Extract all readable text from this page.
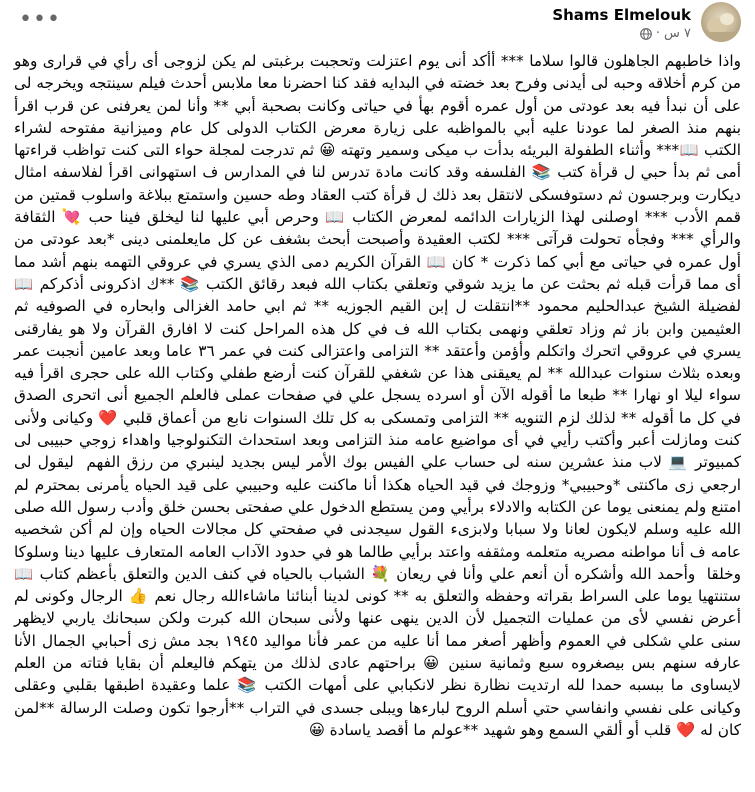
•••	Shams Elmelouk
٧ س
·
واذا خاطبهم الجاهلون قالوا سلاما *** أأكد أنى يوم اعتزلت وتحجبت برغبتى لم يكن لزوجى أى رأي في قرارى وهو من كرم أخلاقه وحبه لى أيدنى وفرح بعد خضته في البدايه فقد كنا احضرنا معا ملابس أحدث فيلم سينتجه ويخرجه لى على أن نبدأ فيه بعد عودتى من أول عمره أقوم بهأ في حياتى وكانت بصحبة أبي ** وأنا لمن يعرفنى عن قرب اقرأ بنهم منذ الصغر لما عودنا عليه أبي بالمواظبه على زيارة معرض الكتاب الدولى كل عام وميزانية مفتوحه لشراء الكتب 📖*** وأثناء الطفولة البريئه بدأت ب ميكى وسمير وتهته 😀 ثم تدرجت لمجلة حواء التى كنت تواظب قراءتها أمى ثم بدأ حبي ل قرأة كتب 📚 الفلسفه وقد كانت مادة تدرس لنا في المدارس ف استهوانى اقرأ لفلاسفه امثال ديكارت وبرجسون ثم دستوفسكى لانتقل بعد ذلك ل قرأة كتب العقاد وطه حسين واستمتع ببلاغة واسلوب قمتين من قمم الأدب *** اوصلنى لهذا الزيارات الدائمه لمعرض الكتاب 📖 وحرص أبي عليها لنا ليخلق فينا حب 💘 الثقافة والرأي *** وفجأه تحولت قرآتى *** لكتب العقيدة وأصبحت أبحث بشغف عن كل مايعلمنى دينى *بعد عودتى من أول عمره في حياتى مع أبي كما ذكرت * كان 📖 القرآن الكريم دمى الذي يسري في عروقي التهمه بنهم أشد مما أى مما قرأت قبله ثم بحثت عن ما يزيد شوقي وتعلقي بكتاب الله فبعد رقائق الكتب 📚 **ك اذكرونى أذكركم 📖لفضيلة الشيخ عبدالحليم محمود **انتقلت ل إبن القيم الجوزيه ** ثم ابي حامد الغزالى وابحاره في الصوفيه ثم العثيمين وابن باز ثم وزاد تعلقي ونهمى بكتاب الله ف في كل هذه المراحل كنت لا افارق القرآن ولا هو يفارقنى يسري في عروقي اتحرك واتكلم وأؤمن وأعتقد ** التزامى واعتزالى كنت في عمر ٣٦ عاما وبعد عامين أنجبت عمر وبعده بثلاث سنوات عبدالله ** لم يعيقنى هذا عن شغفي للقرآن كنت أرضع طفلي وكتاب الله على حجرى اقرأ فيه سواء ليلا او نهارا ** طبعا ما أقوله الآن أو اسرده يسجل علي في صفحات عملى فالعلم الجميع أنى اتحرى الصدق في كل ما أقوله ** لذلك لزم التنويه ** التزامى وتمسكى به كل تلك السنوات نابع من أعماق قلبي ❤️ وكيانى ولأنى كنت ومازلت أعبر وأكتب رأيي في أى مواضيع عامه منذ التزامى وبعد استحداث التكنولوجيا واهداء زوجي حبيبى لى كمبيوتر 💻 لاب منذ عشرين سنه لى حساب علي الفيس بوك الأمر ليس بجديد لينبري من رزق الفهم  ليقول لى ارجعي زى ماكنتى *وحبيبي* وزوجك في قيد الحياه هكذا أنا ماكنت عليه وحبيبي على قيد الحياه يأمرنى بمحترم لم امتنع ولم يمنعنى يوما عن الكتابه والادلاء برأيي ومن يستطع الدخول علي صفحتى بحسن خلق وأدب رسول الله صلى الله عليه وسلم لايكون لعانا ولا سبابا ولابزىء القول سيجدنى في صفحتي كل مجالات الحياه وإن لم أكن شخصيه عامه ف أنا مواطنه مصريه متعلمه ومثقفه واعتد برأيي طالما هو في حدود الآداب العامه المتعارف عليها دينا وسلوكا وخلقا  وأحمد الله وأشكره أن أنعم علي وأنا في ريعان 💐 الشباب بالحياه في كنف الدين والتعلق بأعظم كتاب 📖 ستنتهيا يوما على السراط بقراته وحفظه والتعلق به ** كونى لدينا أبنائنا ماشاءالله رجال نعم 👍 الرجال وكونى لم أعرض نفسي لأى من عمليات التجميل لأن الدين ينهى عنها ولأنى سبحان الله كبرت ولكن سبحانك ياربي لايظهر سنى علي شكلى في العموم وأظهر أصغر مما أنا عليه من عمر فأنا مواليد ١٩٤٥ بجد مش زى أحبابي الجمال الأنا عارفه سنهم بس بيصغروه سبع وثمانية سنين 😀 براحتهم عادى لذلك من يتهكم فاليعلم أن بقايا فتاته من العلم لايساوى ما ببسبه حمدا لله ارتديت نظارة نظر لانكبابي على أمهات الكتب 📚 علما وعقيدة اطبقها بقلبي وعقلى وكيانى على نفسي وانفاسي حتي أسلم الروح لبارءها ويبلى جسدى في التراب **أرجوا تكون وصلت الرسالة **لمن كان له ❤️ قلب أو ألقي السمع وهو شهيد **عولم ما أقصد ياسادة 😀
